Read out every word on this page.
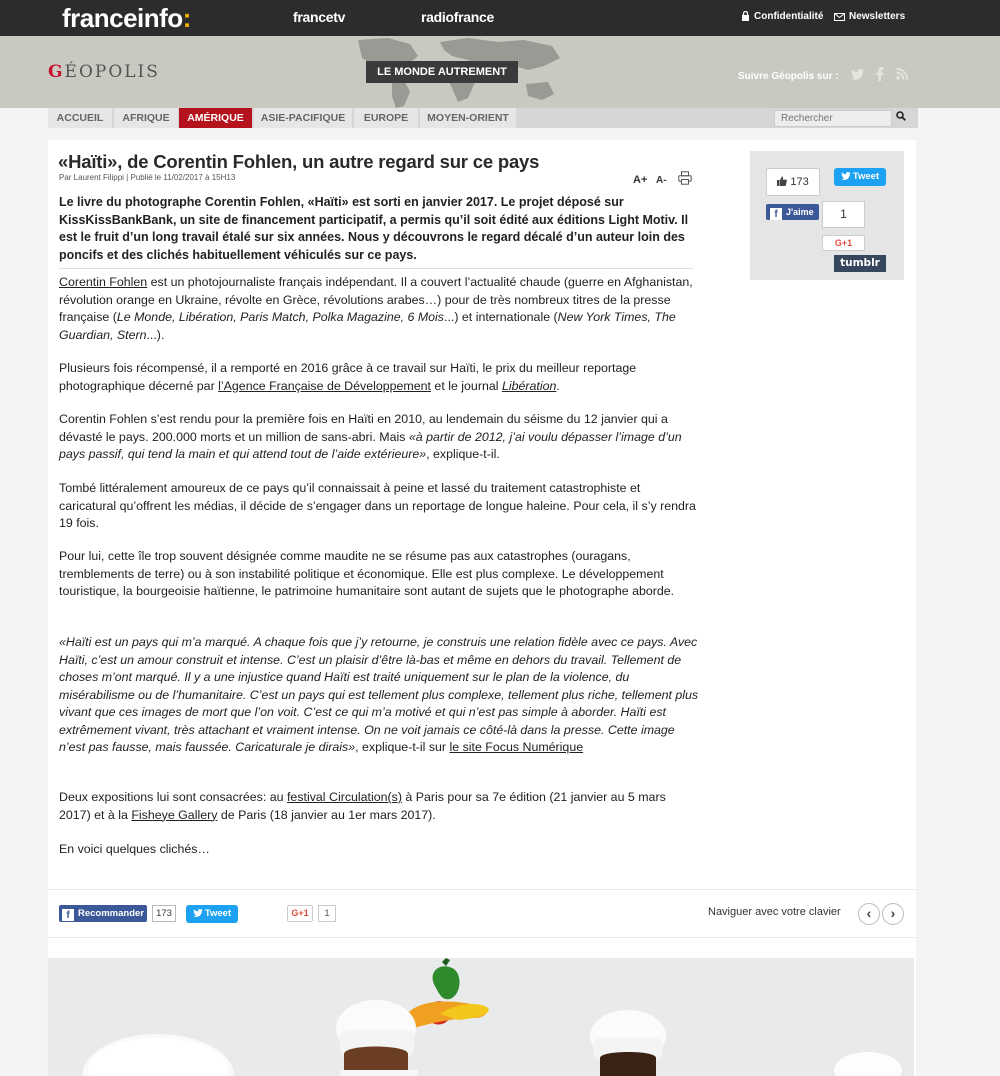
franceinfo:	francetv	radiofrance	Confidentialité	Newsletters
GÉOPOLIS	LE MONDE AUTREMENT	Suivre Géopolis sur :
ACCUEIL	AFRIQUE	AMÉRIQUE	ASIE-PACIFIQUE	EUROPE	MOYEN-ORIENT
Rechercher
«Haïti», de Corentin Fohlen, un autre regard sur ce pays
Par Laurent Filippi | Publié le 11/02/2017 à 15H13	A+ A-

Le livre du photographe Corentin Fohlen, «Haïti» est sorti en janvier 2017. Le projet déposé sur KissKissBankBank, un site de financement participatif, a permis qu’il soit édité aux éditions Light Motiv. Il est le fruit d’un long travail étalé sur six années. Nous y découvrons le regard décalé d’un auteur loin des poncifs et des clichés habituellement véhiculés sur ce pays.

Corentin Fohlen est un photojournaliste français indépendant. Il a couvert l’actualité chaude (guerre en Afghanistan, révolution orange en Ukraine, révolte en Grèce, révolutions arabes…) pour de très nombreux titres de la presse française (Le Monde, Libération, Paris Match, Polka Magazine, 6 Mois...) et internationale (New York Times, The Guardian, Stern...).

Plusieurs fois récompensé, il a remporté en 2016 grâce à ce travail sur Haïti, le prix du meilleur reportage photographique décerné par l’Agence Française de Développement et le journal Libération.

Corentin Fohlen s’est rendu pour la première fois en Haïti en 2010, au lendemain du séisme du 12 janvier qui a dévasté le pays. 200.000 morts et un million de sans-abri. Mais «à partir de 2012, j’ai voulu dépasser l’image d’un pays passif, qui tend la main et qui attend tout de l’aide extérieure», explique-t-il.

Tombé littéralement amoureux de ce pays qu’il connaissait à peine et lassé du traitement catastrophiste et caricatural qu’offrent les médias, il décide de s’engager dans un reportage de longue haleine. Pour cela, il s’y rendra 19 fois.

Pour lui, cette île trop souvent désignée comme maudite ne se résume pas aux catastrophes (ouragans, tremblements de terre) ou à son instabilité politique et économique. Elle est plus complexe. Le développement touristique, la bourgeoisie haïtienne, le patrimoine humanitaire sont autant de sujets que le photographe aborde.

«Haïti est un pays qui m’a marqué. A chaque fois que j’y retourne, je construis une relation fidèle avec ce pays. Avec Haïti, c’est un amour construit et intense. C’est un plaisir d’être là-bas et même en dehors du travail. Tellement de choses m’ont marqué. Il y a une injustice quand Haïti est traité uniquement sur le plan de la violence, du misérabilisme ou de l’humanitaire. C’est un pays qui est tellement plus complexe, tellement plus riche, tellement plus vivant que ces images de mort que l’on voit. C’est ce qui m’a motivé et qui n’est pas simple à aborder. Haïti est extrêmement vivant, très attachant et vraiment intense. On ne voit jamais ce côté-là dans la presse. Cette image n’est pas fausse, mais faussée. Caricaturale je dirais», explique-t-il sur le site Focus Numérique

Deux expositions lui sont consacrées: au festival Circulation(s) à Paris pour sa 7e édition (21 janvier au 5 mars 2017) et à la Fisheye Gallery de Paris (18 janvier au 1er mars 2017).

En voici quelques clichés…

173
f J'aime
Tweet
1
G+1
tumblr
f Recommander	173	Tweet	G+1	1	Naviguer avec votre clavier	‹	›
